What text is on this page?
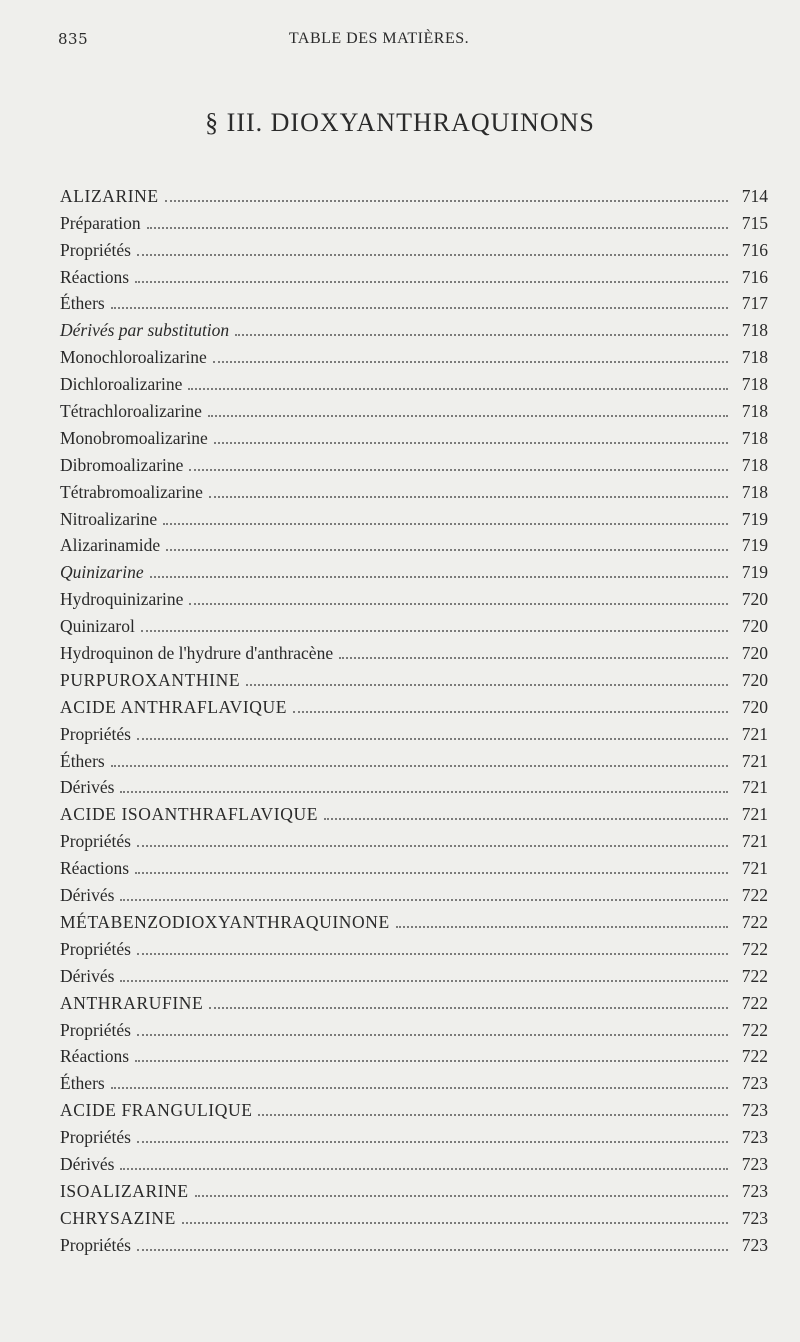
835	TABLE DES MATIÈRES.
§ III. DIOXYANTHRAQUINONS
ALIZARINE	714
Préparation	715
Propriétés	716
Réactions	716
Éthers	717
Dérivés par substitution	718
Monochloroalizarine	718
Dichloroalizarine	718
Tétrachloroalizarine	718
Monobromoalizarine	718
Dibromoalizarine	718
Tétrabromoalizarine	718
Nitroalizarine	719
Alizarinamide	719
Quinizarine	719
Hydroquinizarine	720
Quinizarol	720
Hydroquinon de l'hydrure d'anthracène	720
PURPUROXANTHINE	720
ACIDE ANTHRAFLAVIQUE	720
Propriétés	721
Éthers	721
Dérivés	721
ACIDE ISOANTHRAFLAVIQUE	721
Propriétés	721
Réactions	721
Dérivés	722
MÉTABENZODIOXYANTHRAQUINONE	722
Propriétés	722
Dérivés	722
ANTHRARUFINE	722
Propriétés	722
Réactions	722
Éthers	723
ACIDE FRANGULIQUE	723
Propriétés	723
Dérivés	723
ISOALIZARINE	723
CHRYSAZINE	723
Propriétés	723
